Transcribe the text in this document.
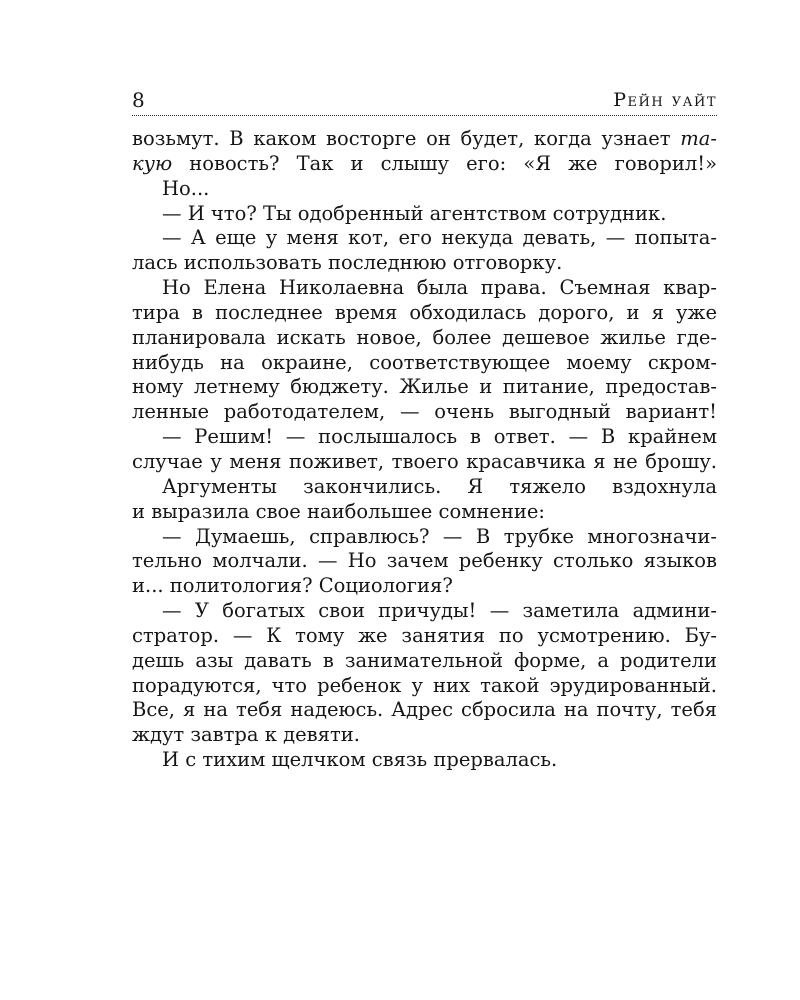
8	Рейн уайт
возьмут. В каком восторге он будет, когда узнает та-
кую новость? Так и слышу его: «Я же говорил!»
Но...
— И что? Ты одобренный агентством сотрудник.
— А еще у меня кот, его некуда девать, — попыта-
лась использовать последнюю отговорку.
Но Елена Николаевна была права. Съемная квар-
тира в последнее время обходилась дорого, и я уже
планировала искать новое, более дешевое жилье где-
нибудь на окраине, соответствующее моему скром-
ному летнему бюджету. Жилье и питание, предостав-
ленные работодателем, — очень выгодный вариант!
— Решим! — послышалось в ответ. — В крайнем
случае у меня поживет, твоего красавчика я не брошу.
Аргументы закончились. Я тяжело вздохнула
и выразила свое наибольшее сомнение:
— Думаешь, справлюсь? — В трубке многозначи-
тельно молчали. — Но зачем ребенку столько языков
и... политология? Социология?
— У богатых свои причуды! — заметила админи-
стратор. — К тому же занятия по усмотрению. Бу-
дешь азы давать в занимательной форме, а родители
порадуются, что ребенок у них такой эрудированный.
Все, я на тебя надеюсь. Адрес сбросила на почту, тебя
ждут завтра к девяти.
И с тихим щелчком связь прервалась.
